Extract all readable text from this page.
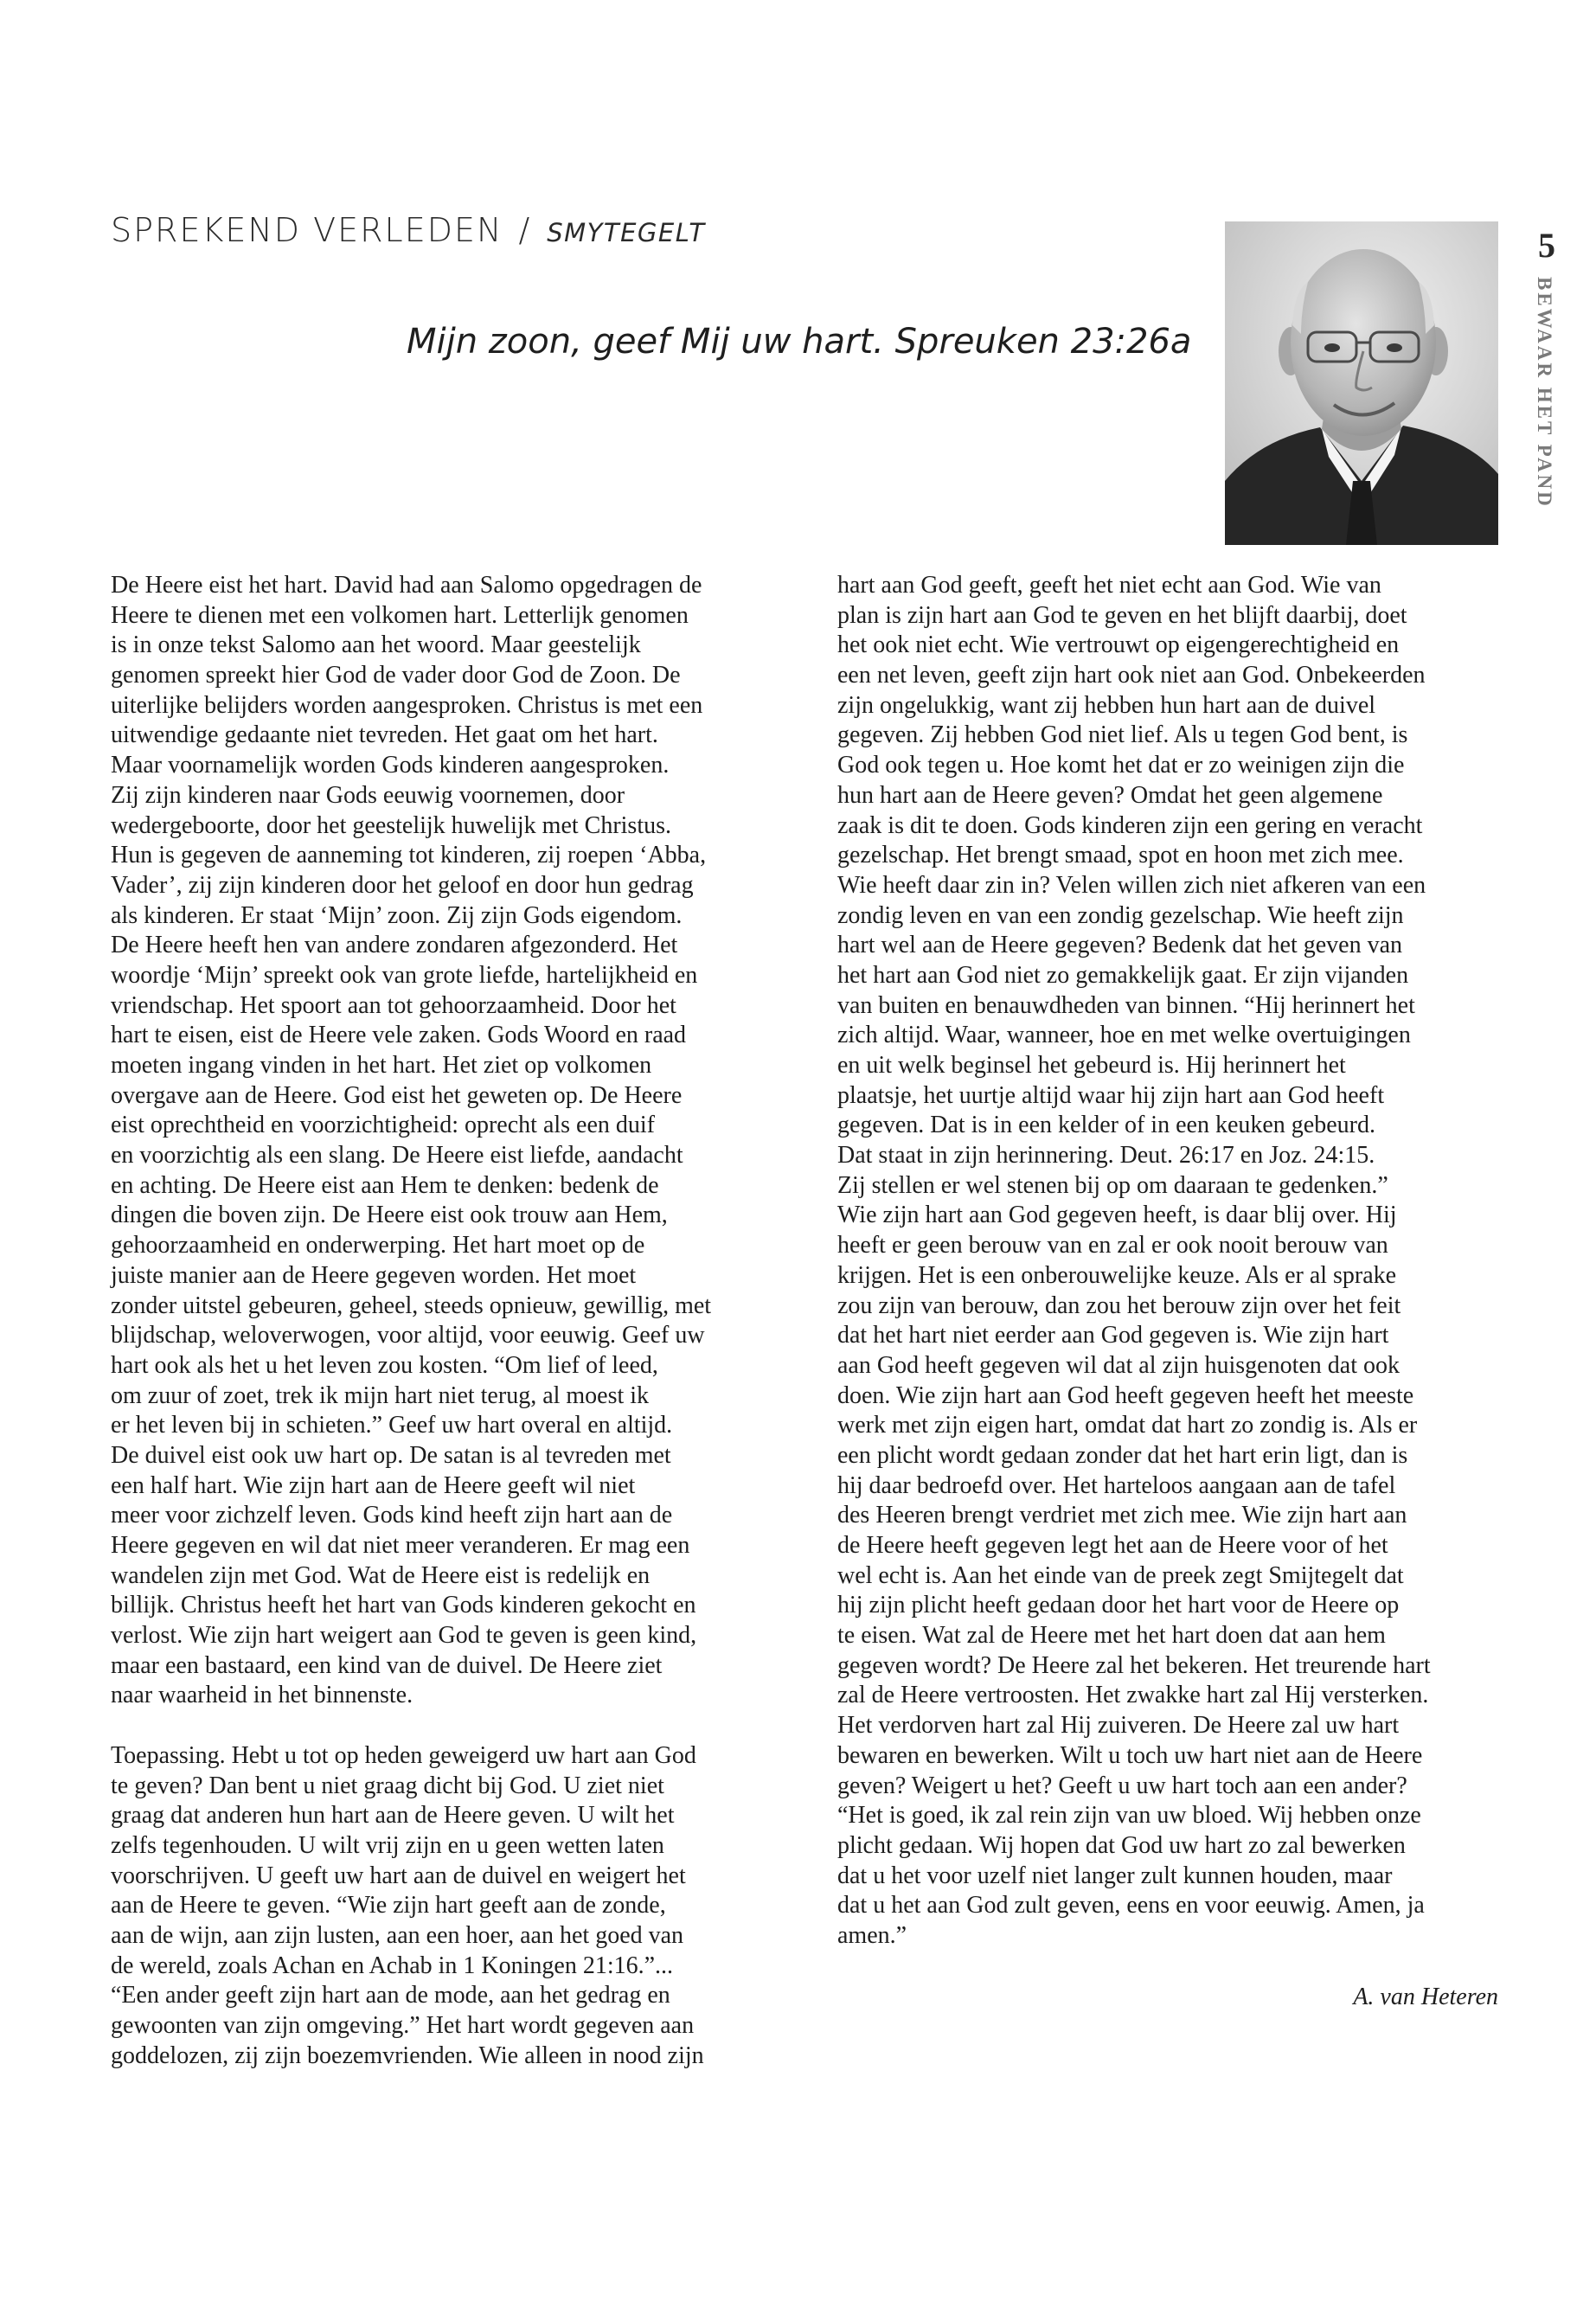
SPREKEND VERLEDEN / SMYTEGELT
Mijn zoon, geef Mij uw hart. Spreuken 23:26a
5
BEWAAR HET PAND
De Heere eist het hart. David had aan Salomo opgedragen de
Heere te dienen met een volkomen hart. Letterlijk genomen
is in onze tekst Salomo aan het woord. Maar geestelijk
genomen spreekt hier God de vader door God de Zoon. De
uiterlijke belijders worden aangesproken. Christus is met een
uitwendige gedaante niet tevreden. Het gaat om het hart.
Maar voornamelijk worden Gods kinderen aangesproken.
Zij zijn kinderen naar Gods eeuwig voornemen, door
wedergeboorte, door het geestelijk huwelijk met Christus.
Hun is gegeven de aanneming tot kinderen, zij roepen ‘Abba,
Vader’, zij zijn kinderen door het geloof en door hun gedrag
als kinderen. Er staat ‘Mijn’ zoon. Zij zijn Gods eigendom.
De Heere heeft hen van andere zondaren afgezonderd. Het
woordje ‘Mijn’ spreekt ook van grote liefde, hartelijkheid en
vriendschap. Het spoort aan tot gehoorzaamheid. Door het
hart te eisen, eist de Heere vele zaken. Gods Woord en raad
moeten ingang vinden in het hart. Het ziet op volkomen
overgave aan de Heere. God eist het geweten op. De Heere
eist oprechtheid en voorzichtigheid: oprecht als een duif
en voorzichtig als een slang. De Heere eist liefde, aandacht
en achting. De Heere eist aan Hem te denken: bedenk de
dingen die boven zijn. De Heere eist ook trouw aan Hem,
gehoorzaamheid en onderwerping. Het hart moet op de
juiste manier aan de Heere gegeven worden. Het moet
zonder uitstel gebeuren, geheel, steeds opnieuw, gewillig, met
blijdschap, weloverwogen, voor altijd, voor eeuwig. Geef uw
hart ook als het u het leven zou kosten. “Om lief of leed,
om zuur of zoet, trek ik mijn hart niet terug, al moest ik
er het leven bij in schieten.” Geef uw hart overal en altijd.
De duivel eist ook uw hart op. De satan is al tevreden met
een half hart. Wie zijn hart aan de Heere geeft wil niet
meer voor zichzelf leven. Gods kind heeft zijn hart aan de
Heere gegeven en wil dat niet meer veranderen. Er mag een
wandelen zijn met God. Wat de Heere eist is redelijk en
billijk. Christus heeft het hart van Gods kinderen gekocht en
verlost. Wie zijn hart weigert aan God te geven is geen kind,
maar een bastaard, een kind van de duivel. De Heere ziet
naar waarheid in het binnenste.
Toepassing. Hebt u tot op heden geweigerd uw hart aan God
te geven? Dan bent u niet graag dicht bij God. U ziet niet
graag dat anderen hun hart aan de Heere geven. U wilt het
zelfs tegenhouden. U wilt vrij zijn en u geen wetten laten
voorschrijven. U geeft uw hart aan de duivel en weigert het
aan de Heere te geven. “Wie zijn hart geeft aan de zonde,
aan de wijn, aan zijn lusten, aan een hoer, aan het goed van
de wereld, zoals Achan en Achab in 1 Koningen 21:16.”...
“Een ander geeft zijn hart aan de mode, aan het gedrag en
gewoonten van zijn omgeving.” Het hart wordt gegeven aan
goddelozen, zij zijn boezemvrienden. Wie alleen in nood zijn
hart aan God geeft, geeft het niet echt aan God. Wie van
plan is zijn hart aan God te geven en het blijft daarbij, doet
het ook niet echt. Wie vertrouwt op eigengerechtigheid en
een net leven, geeft zijn hart ook niet aan God. Onbekeerden
zijn ongelukkig, want zij hebben hun hart aan de duivel
gegeven. Zij hebben God niet lief. Als u tegen God bent, is
God ook tegen u. Hoe komt het dat er zo weinigen zijn die
hun hart aan de Heere geven? Omdat het geen algemene
zaak is dit te doen. Gods kinderen zijn een gering en veracht
gezelschap. Het brengt smaad, spot en hoon met zich mee.
Wie heeft daar zin in? Velen willen zich niet afkeren van een
zondig leven en van een zondig gezelschap. Wie heeft zijn
hart wel aan de Heere gegeven? Bedenk dat het geven van
het hart aan God niet zo gemakkelijk gaat. Er zijn vijanden
van buiten en benauwdheden van binnen. “Hij herinnert het
zich altijd. Waar, wanneer, hoe en met welke overtuigingen
en uit welk beginsel het gebeurd is. Hij herinnert het
plaatsje, het uurtje altijd waar hij zijn hart aan God heeft
gegeven. Dat is in een kelder of in een keuken gebeurd.
Dat staat in zijn herinnering. Deut. 26:17 en Joz. 24:15.
Zij stellen er wel stenen bij op om daaraan te gedenken.”
Wie zijn hart aan God gegeven heeft, is daar blij over. Hij
heeft er geen berouw van en zal er ook nooit berouw van
krijgen. Het is een onberouwelijke keuze. Als er al sprake
zou zijn van berouw, dan zou het berouw zijn over het feit
dat het hart niet eerder aan God gegeven is. Wie zijn hart
aan God heeft gegeven wil dat al zijn huisgenoten dat ook
doen. Wie zijn hart aan God heeft gegeven heeft het meeste
werk met zijn eigen hart, omdat dat hart zo zondig is. Als er
een plicht wordt gedaan zonder dat het hart erin ligt, dan is
hij daar bedroefd over. Het harteloos aangaan aan de tafel
des Heeren brengt verdriet met zich mee. Wie zijn hart aan
de Heere heeft gegeven legt het aan de Heere voor of het
wel echt is. Aan het einde van de preek zegt Smijtegelt dat
hij zijn plicht heeft gedaan door het hart voor de Heere op
te eisen. Wat zal de Heere met het hart doen dat aan hem
gegeven wordt? De Heere zal het bekeren. Het treurende hart
zal de Heere vertroosten. Het zwakke hart zal Hij versterken.
Het verdorven hart zal Hij zuiveren. De Heere zal uw hart
bewaren en bewerken. Wilt u toch uw hart niet aan de Heere
geven? Weigert u het? Geeft u uw hart toch aan een ander?
“Het is goed, ik zal rein zijn van uw bloed. Wij hebben onze
plicht gedaan. Wij hopen dat God uw hart zo zal bewerken
dat u het voor uzelf niet langer zult kunnen houden, maar
dat u het aan God zult geven, eens en voor eeuwig. Amen, ja
amen.”
A. van Heteren
